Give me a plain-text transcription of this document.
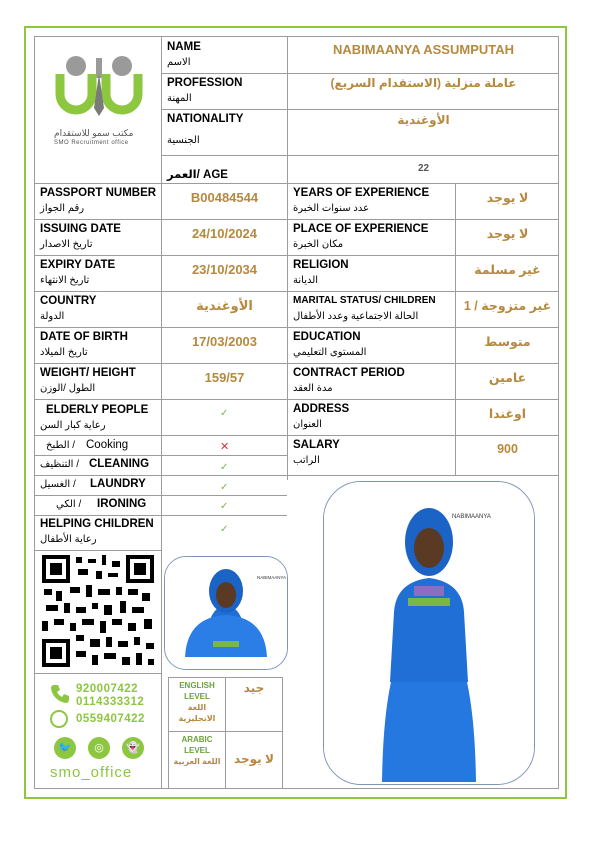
مكتب سمو للاستقدام
SMO Recruitment office
NAME
الاسم
NABIMAANYA ASSUMPUTAH
PROFESSION
المهنة
عاملة منزلية (الاستقدام السريع)
NATIONALITY
الجنسية
الأوغندية
العمر/ AGE
22
PASSPORT NUMBER
رقم الجواز
B00484544
ISSUING DATE
تاريخ الاصدار
24/10/2024
EXPIRY DATE
تاريخ الانتهاء
23/10/2034
COUNTRY
الدولة
الأوغندية
DATE OF BIRTH
تاريخ الميلاد
17/03/2003
WEIGHT/ HEIGHT
الطول /الوزن
159/57
YEARS OF EXPERIENCE
عدد سنوات الخبرة
لا يوجد
PLACE OF EXPERIENCE
مكان الخبرة
لا يوجد
RELIGION
الديانة
غير مسلمة
MARITAL STATUS/ CHILDREN
الحالة الاجتماعية وعدد الأطفال
غير متزوجة / 1
EDUCATION
المستوى التعليمي
متوسط
CONTRACT PERIOD
مدة العقد
عامين
ADDRESS
العنوان
اوغندا
SALARY
الراتب
900
ELDERLY PEOPLE
رعاية كبار السن
✓
الطبخ / Cooking	✕
التنظيف / CLEANING	✓
الغسيل / LAUNDRY	✓
الكي / IRONING	✓
HELPING CHILDREN
رعاية الأطفال
✓
920007422
0114333312
0559407422
🐦	◎	👻
smo_office
NABIMAANYA
NABIMAANYA
ENGLISH
LEVEL
اللغة
الانجليزية
جيد
ARABIC
LEVEL
اللغة العربية	لا يوجد
